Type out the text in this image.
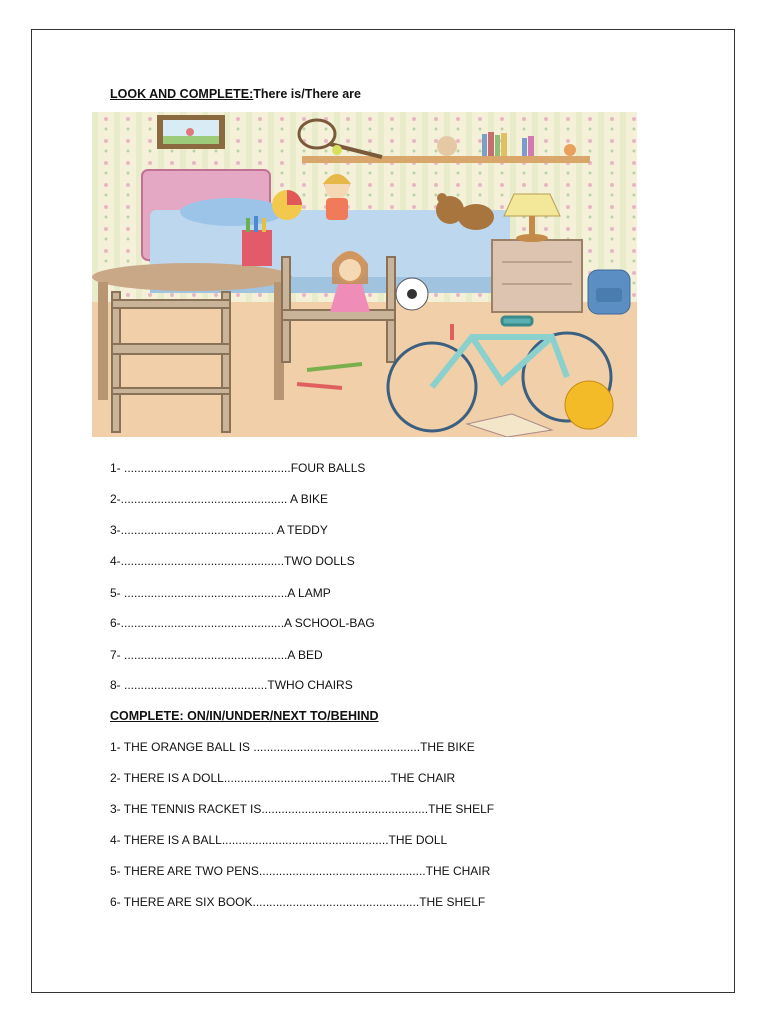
LOOK AND COMPLETE:There is/There are
1- ..................................................FOUR BALLS
2-.................................................. A BIKE
3-.............................................. A TEDDY
4-.................................................TWO DOLLS
5- .................................................A LAMP
6-.................................................A SCHOOL-BAG
7- .................................................A BED
8- ...........................................TWHO CHAIRS
COMPLETE: ON/IN/UNDER/NEXT TO/BEHIND
1- THE ORANGE BALL IS ..................................................THE BIKE
2- THERE IS A DOLL..................................................THE CHAIR
3- THE TENNIS RACKET IS..................................................THE SHELF
4- THERE IS A BALL..................................................THE DOLL
5- THERE ARE TWO PENS..................................................THE CHAIR
6- THERE ARE SIX BOOK..................................................THE SHELF
